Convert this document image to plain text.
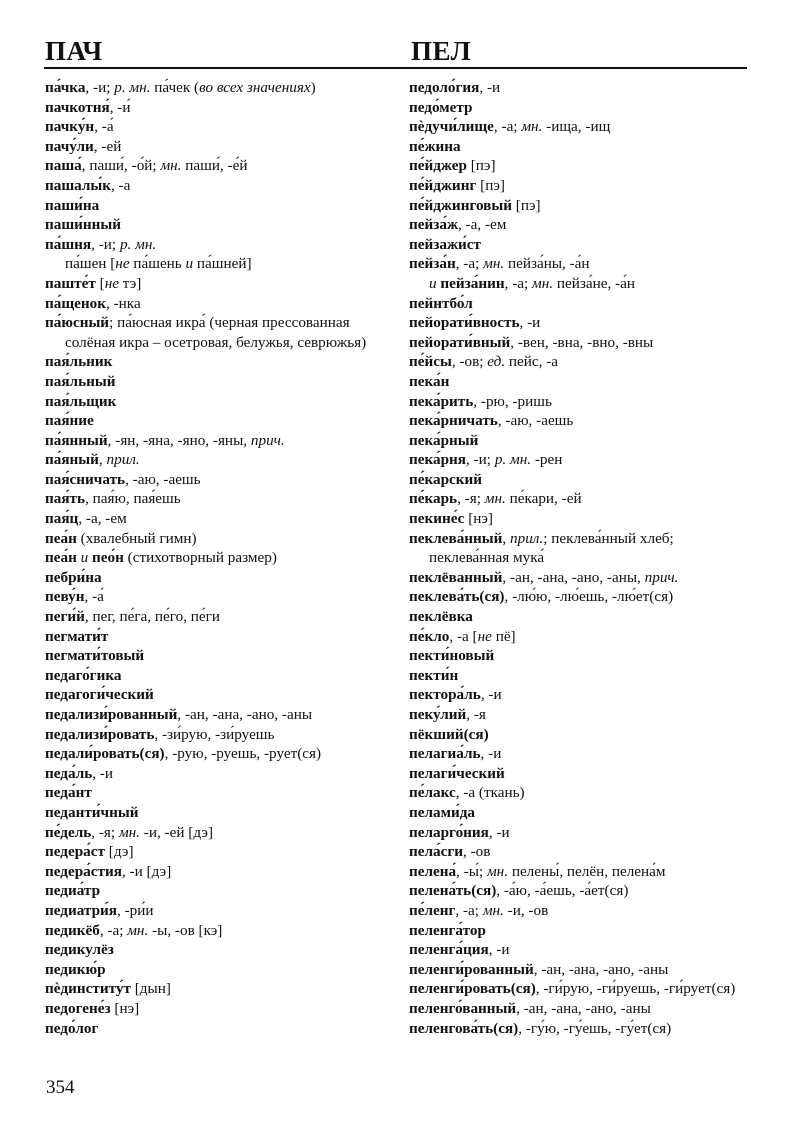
ПАЧ	ПЕЛ
па́чка, -и; р. мн. па́чек (во всех значениях)
пачкотня́, -и́
пачку́н, -а́
пачу́ли, -ей
паша́, паши́, -о́й; мн. паши́, -е́й
пашалы́к, -а
паши́на
паши́нный
па́шня, -и; р. мн.
па́шен [не па́шень и па́шней]
паште́т [не тэ]
па́щенок, -нка
па́юсный; па́юсная икра́ (черная прессованная солёная икра – осетровая, белужья, севрюжья)
пая́льник
пая́льный
пая́льщик
пая́ние
па́янный, -ян, -яна, -яно, -яны, прич.
па́яный, прил.
пая́сничать, -аю, -аешь
пая́ть, пая́ю, пая́ешь
пая́ц, -а, -ем
пеа́н (хвалебный гимн)
пеа́н и пео́н (стихотворный размер)
пебри́на
певу́н, -а́
пеги́й, пег, пе́га, пе́го, пе́ги
пегмати́т
пегмати́товый
педаго́гика
педагоги́ческий
педализи́рованный, -ан, -ана, -ано, -аны
педализи́ровать, -зи́рую, -зи́руешь
педали́ровать(ся), -рую, -руешь, -рует(ся)
педа́ль, -и
педа́нт
педанти́чный
пе́дель, -я; мн. -и, -ей [дэ]
педера́ст [дэ]
педера́стия, -и [дэ]
педиа́тр
педиатри́я, -ри́и
педикёб, -а; мн. -ы, -ов [кэ]
педикулёз
педикю́р
пѐдинститу́т [дын]
педогене́з [нэ]
педо́лог
педоло́гия, -и
педо́метр
пѐдучи́лище, -а; мн. -ища, -ищ
пе́жина
пе́йджер [пэ]
пе́йджинг [пэ]
пе́йджинговый [пэ]
пейза́ж, -а, -ем
пейзажи́ст
пейза́н, -а; мн. пейза́ны, -а́н
и пейза́нин, -а; мн. пейза́не, -а́н
пейнтбо́л
пейорати́вность, -и
пейорати́вный, -вен, -вна, -вно, -вны
пе́йсы, -ов; ед. пейс, -а
пека́н
пека́рить, -рю, -ришь
пека́рничать, -аю, -аешь
пека́рный
пека́рня, -и; р. мн. -рен
пе́карский
пе́карь, -я; мн. пе́кари, -ей
пекине́с [нэ]
пеклева́нный, прил.; пеклева́нный хлеб; пеклева́нная мука́
пеклёванный, -ан, -ана, -ано, -аны, прич.
пеклева́ть(ся), -лю́ю, -лю́ешь, -лю́ет(ся)
пеклёвка
пе́кло, -а [не пё]
пекти́новый
пекти́н
пектора́ль, -и
пеку́лий, -я
пёкший(ся)
пелагиа́ль, -и
пелаги́ческий
пе́лакс, -а (ткань)
пелами́да
пеларго́ния, -и
пела́сги, -ов
пелена́, -ы́; мн. пелены́, пелён, пелена́м
пелена́ть(ся), -а́ю, -а́ешь, -а́ет(ся)
пе́ленг, -а; мн. -и, -ов
пеленга́тор
пеленга́ция, -и
пеленги́рованный, -ан, -ана, -ано, -аны
пеленги́ровать(ся), -ги́рую, -ги́руешь, -ги́рует(ся)
пеленго́ванный, -ан, -ана, -ано, -аны
пеленгова́ть(ся), -гу́ю, -гу́ешь, -гу́ет(ся)
354
